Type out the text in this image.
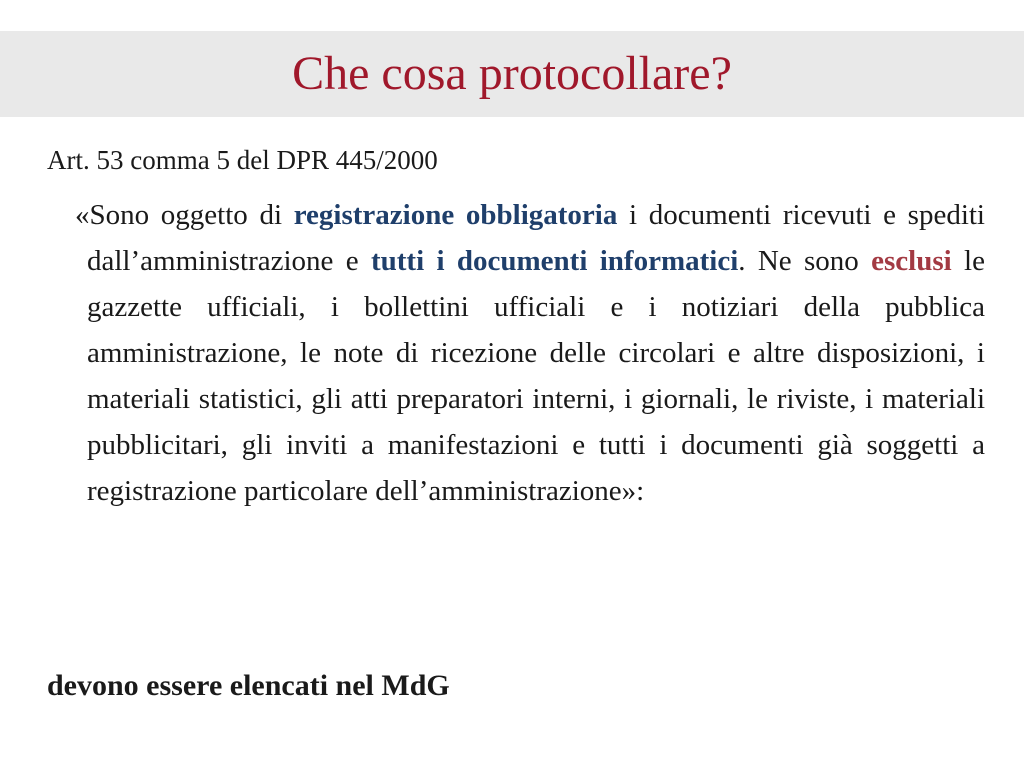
Che cosa protocollare?

Art. 53 comma 5 del DPR 445/2000

«Sono oggetto di registrazione obbligatoria i documenti ricevuti e spediti dall’amministrazione e tutti i documenti informatici. Ne sono esclusi le gazzette ufficiali, i bollettini ufficiali e i notiziari della pubblica amministrazione, le note di ricezione delle circolari e altre disposizioni, i materiali statistici, gli atti preparatori interni, i giornali, le riviste, i materiali pubblicitari, gli inviti a manifestazioni e tutti i documenti già soggetti a registrazione particolare dell’amministrazione»:

devono essere elencati nel MdG
